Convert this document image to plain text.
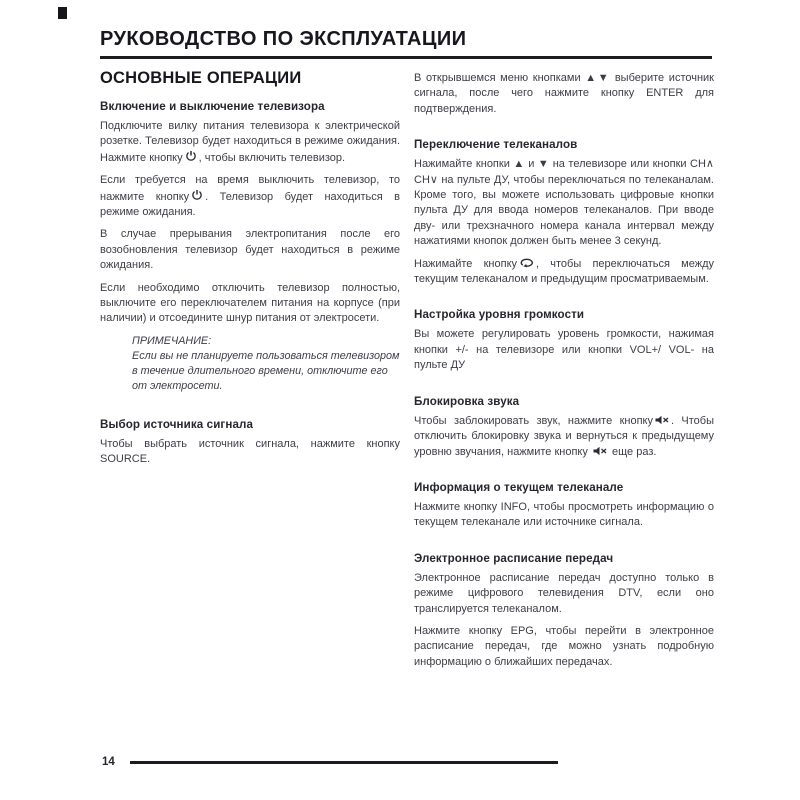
РУКОВОДСТВО ПО ЭКСПЛУАТАЦИИ
ОСНОВНЫЕ ОПЕРАЦИИ
Включение и выключение телевизора

Подключите вилку питания телевизора к электрической розетке. Телевизор будет находиться в режиме ожидания. Нажмите кнопку , чтобы включить телевизор.

Если требуется на время выключить телевизор, то нажмите кнопку . Телевизор будет находиться в режиме ожидания.

В случае прерывания электропитания после его возобновления телевизор будет находиться в режиме ожидания.

Если необходимо отключить телевизор полностью, выключите его переключателем питания на корпусе (при наличии) и отсоедините шнур питания от электросети.

ПРИМЕЧАНИЕ:
Если вы не планируете пользоваться телевизором в течение длительного времени, отключите его от электросети.
Выбор источника сигнала

Чтобы выбрать источник сигнала, нажмите кнопку SOURCE.

В открывшемся меню кнопками ▲▼ выберите источник сигнала, после чего нажмите кнопку ENTER для подтверждения.

Переключение телеканалов

Нажимайте кнопки ▲ и ▼ на телевизоре или кнопки CH∧ CH∨ на пульте ДУ, чтобы переключаться по телеканалам. Кроме того, вы можете использовать цифровые кнопки пульта ДУ для ввода номеров телеканалов. При вводе дву- или трехзначного номера канала интервал между нажатиями кнопок должен быть менее 3 секунд.

Нажимайте кнопку , чтобы переключаться между текущим телеканалом и предыдущим просматриваемым.

Настройка уровня громкости

Вы можете регулировать уровень громкости, нажимая кнопки +/- на телевизоре или кнопки VOL+/ VOL- на пульте ДУ

Блокировка звука

Чтобы заблокировать звук, нажмите кнопку . Чтобы отключить блокировку звука и вернуться к предыдущему уровню звучания, нажмите кнопку еще раз.

Информация о текущем телеканале

Нажмите кнопку INFO, чтобы просмотреть информацию о текущем телеканале или источнике сигнала.

Электронное расписание передач

Электронное расписание передач доступно только в режиме цифрового телевидения DTV, если оно транслируется телеканалом.

Нажмите кнопку EPG, чтобы перейти в электронное расписание передач, где можно узнать подробную информацию о ближайших передачах.

14
